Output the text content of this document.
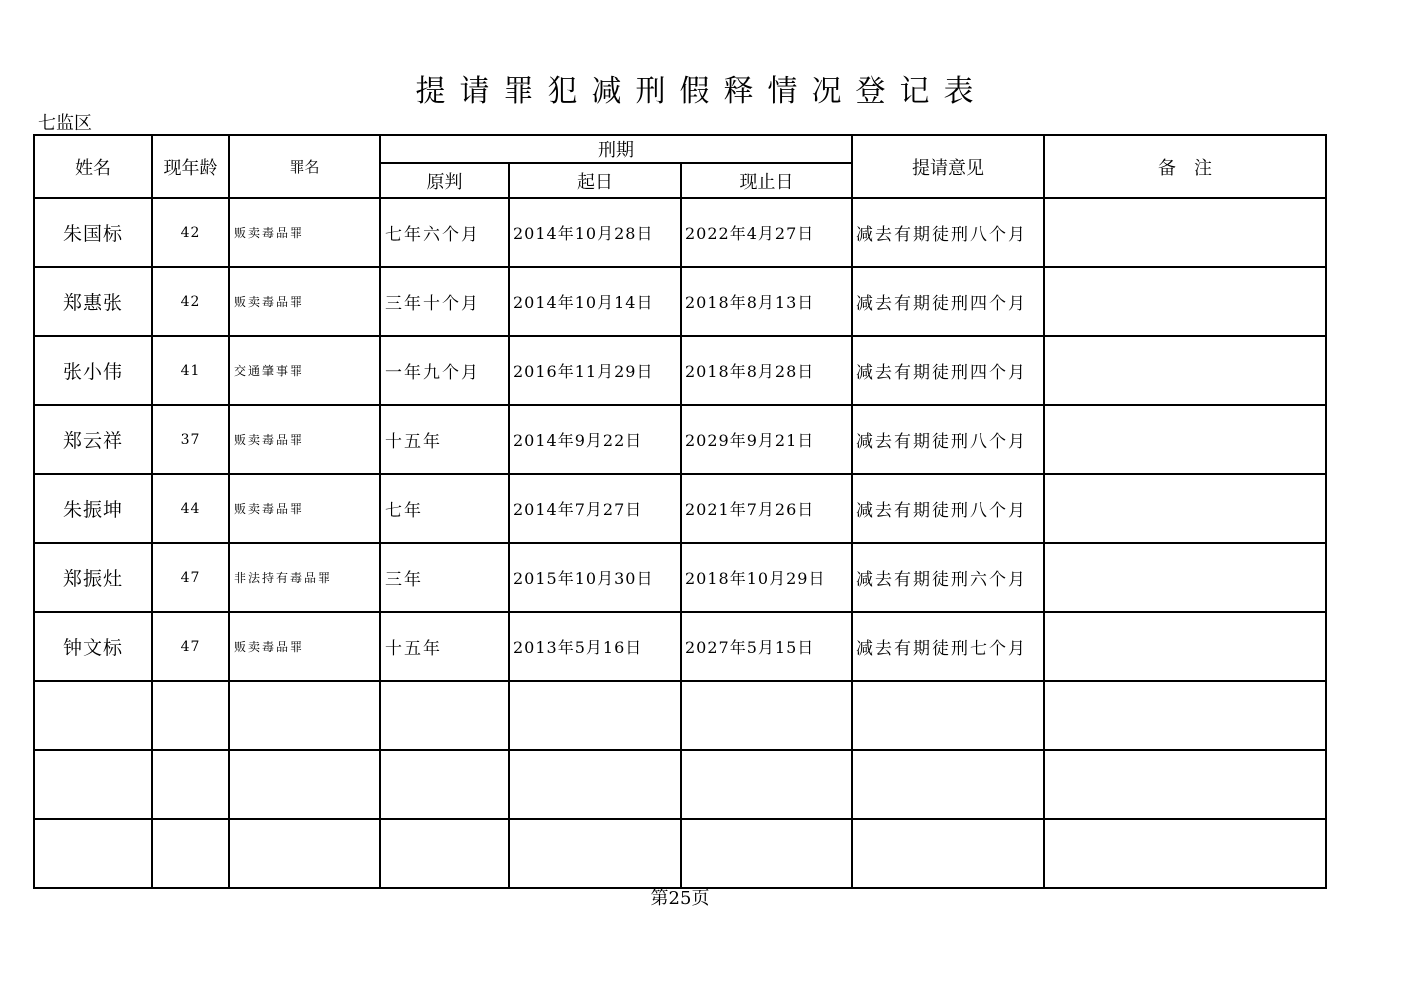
提请罪犯减刑假释情况登记表
七监区
姓名	现年龄	罪名	刑期			提请意见	备　注
			原判	起日	现止日		
朱国标	42	贩卖毒品罪	七年六个月	2014年10月28日	2022年4月27日	减去有期徒刑八个月	
郑惠张	42	贩卖毒品罪	三年十个月	2014年10月14日	2018年8月13日	减去有期徒刑四个月	
张小伟	41	交通肇事罪	一年九个月	2016年11月29日	2018年8月28日	减去有期徒刑四个月	
郑云祥	37	贩卖毒品罪	十五年	2014年9月22日	2029年9月21日	减去有期徒刑八个月	
朱振坤	44	贩卖毒品罪	七年	2014年7月27日	2021年7月26日	减去有期徒刑八个月	
郑振灶	47	非法持有毒品罪	三年	2015年10月30日	2018年10月29日	减去有期徒刑六个月	
钟文标	47	贩卖毒品罪	十五年	2013年5月16日	2027年5月15日	减去有期徒刑七个月	

第25页
